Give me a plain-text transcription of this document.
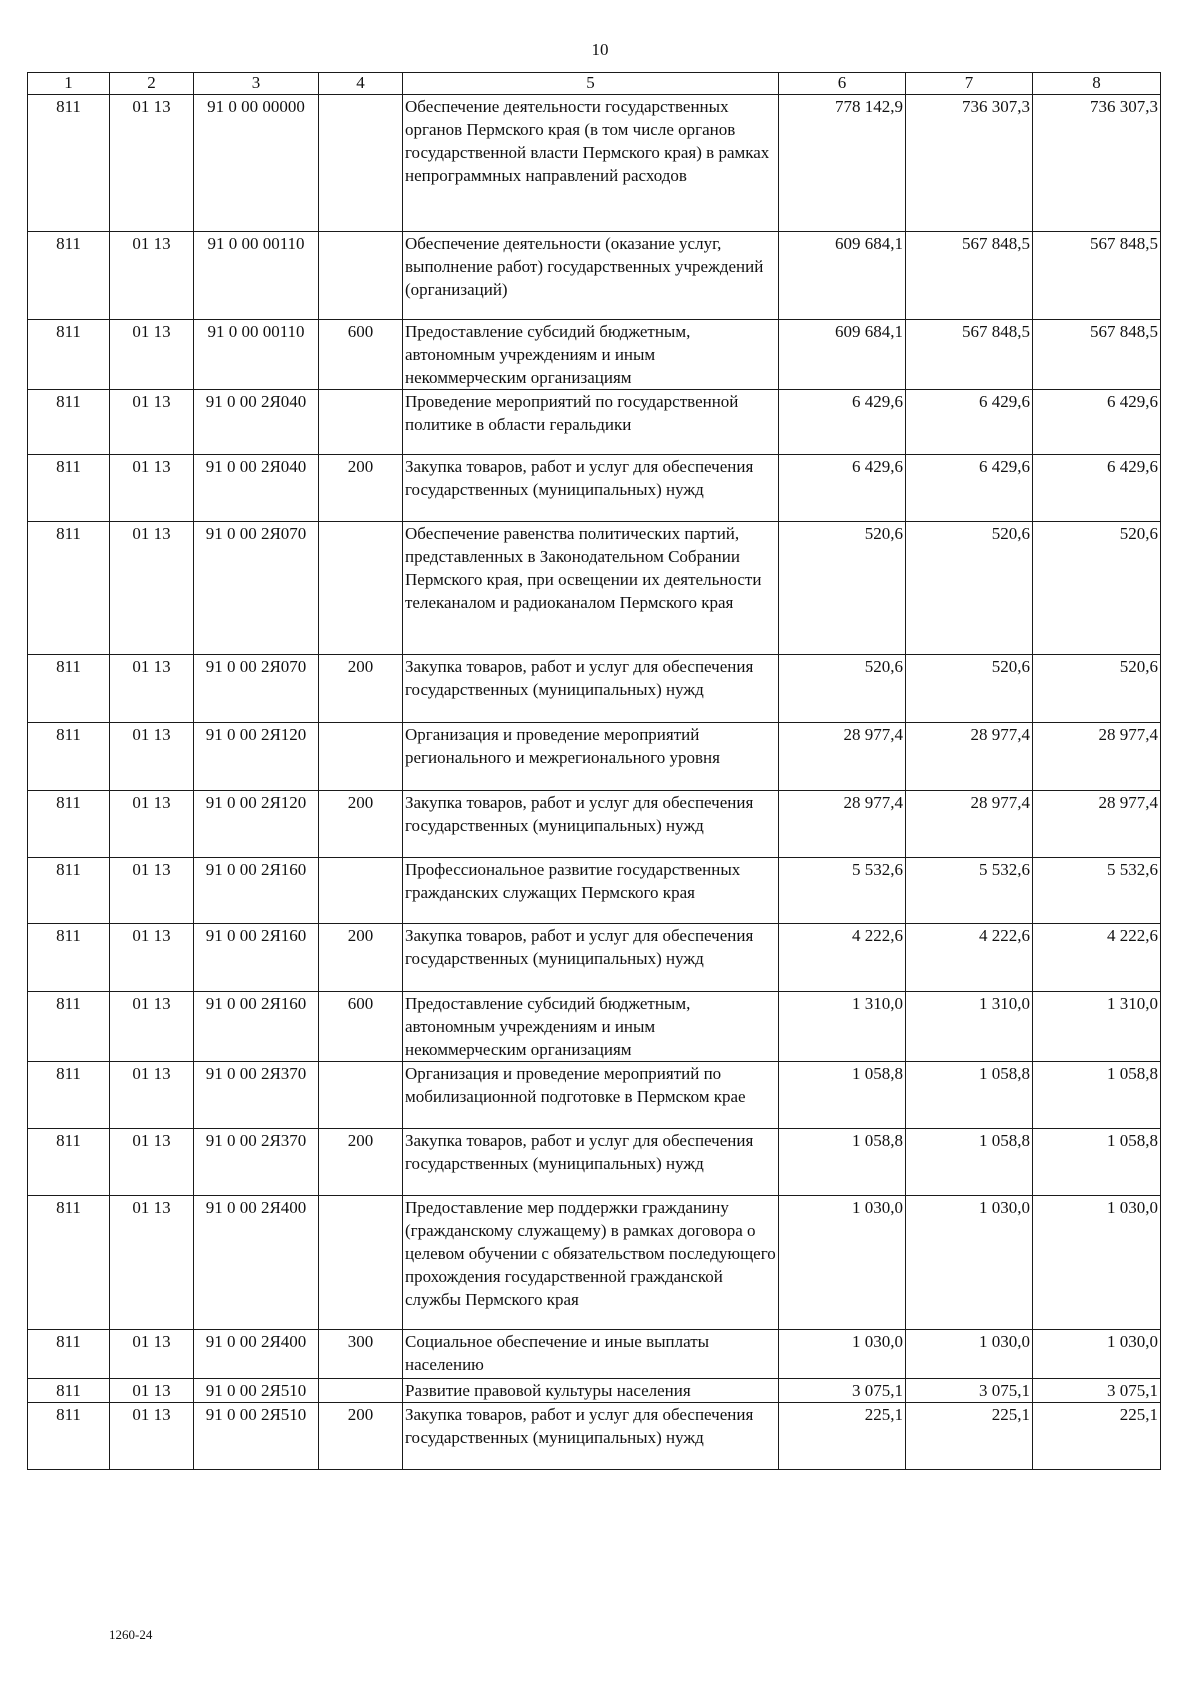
10
1	2	3	4	5	6	7	8
811	01 13	91 0 00 00000		Обеспечение деятельности государственных органов Пермского края (в том числе органов государственной власти Пермского края) в рамках непрограммных направлений расходов	778 142,9	736 307,3	736 307,3
811	01 13	91 0 00 00110		Обеспечение деятельности (оказание услуг, выполнение работ) государственных учреждений (организаций)	609 684,1	567 848,5	567 848,5
811	01 13	91 0 00 00110	600	Предоставление субсидий бюджетным, автономным учреждениям и иным некоммерческим организациям	609 684,1	567 848,5	567 848,5
811	01 13	91 0 00 2Я040		Проведение мероприятий по государственной политике в области геральдики	6 429,6	6 429,6	6 429,6
811	01 13	91 0 00 2Я040	200	Закупка товаров, работ и услуг для обеспечения государственных (муниципальных) нужд	6 429,6	6 429,6	6 429,6
811	01 13	91 0 00 2Я070		Обеспечение равенства политических партий, представленных в Законодательном Собрании Пермского края, при освещении их деятельности телеканалом и радиоканалом Пермского края	520,6	520,6	520,6
811	01 13	91 0 00 2Я070	200	Закупка товаров, работ и услуг для обеспечения государственных (муниципальных) нужд	520,6	520,6	520,6
811	01 13	91 0 00 2Я120		Организация и проведение мероприятий регионального и межрегионального уровня	28 977,4	28 977,4	28 977,4
811	01 13	91 0 00 2Я120	200	Закупка товаров, работ и услуг для обеспечения государственных (муниципальных) нужд	28 977,4	28 977,4	28 977,4
811	01 13	91 0 00 2Я160		Профессиональное развитие государственных гражданских служащих Пермского края	5 532,6	5 532,6	5 532,6
811	01 13	91 0 00 2Я160	200	Закупка товаров, работ и услуг для обеспечения государственных (муниципальных) нужд	4 222,6	4 222,6	4 222,6
811	01 13	91 0 00 2Я160	600	Предоставление субсидий бюджетным, автономным учреждениям и иным некоммерческим организациям	1 310,0	1 310,0	1 310,0
811	01 13	91 0 00 2Я370		Организация и проведение мероприятий по мобилизационной подготовке в Пермском крае	1 058,8	1 058,8	1 058,8
811	01 13	91 0 00 2Я370	200	Закупка товаров, работ и услуг для обеспечения государственных (муниципальных) нужд	1 058,8	1 058,8	1 058,8
811	01 13	91 0 00 2Я400		Предоставление мер поддержки гражданину (гражданскому служащему) в рамках договора о целевом обучении с обязательством последующего прохождения государственной гражданской службы Пермского края	1 030,0	1 030,0	1 030,0
811	01 13	91 0 00 2Я400	300	Социальное обеспечение и иные выплаты населению	1 030,0	1 030,0	1 030,0
811	01 13	91 0 00 2Я510		Развитие правовой культуры населения	3 075,1	3 075,1	3 075,1
811	01 13	91 0 00 2Я510	200	Закупка товаров, работ и услуг для обеспечения государственных (муниципальных) нужд	225,1	225,1	225,1
1260-24
